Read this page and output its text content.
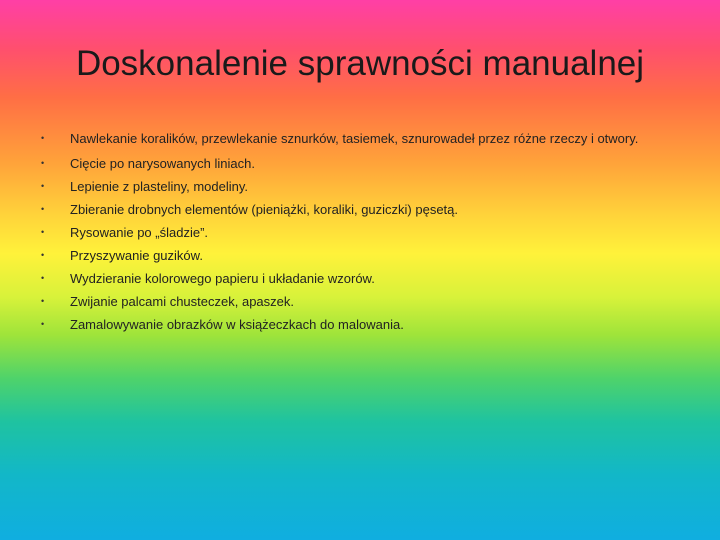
Doskonalenie sprawności manualnej
• Nawlekanie koralików, przewlekanie sznurków, tasiemek, sznurowadeł przez różne rzeczy i otwory.
• Cięcie po narysowanych liniach.
• Lepienie z plasteliny, modeliny.
• Zbieranie drobnych elementów (pieniążki, koraliki, guziczki) pęsetą.
• Rysowanie po „śladzie”.
• Przyszywanie guzików.
• Wydzieranie kolorowego papieru i układanie wzorów.
• Zwijanie palcami chusteczek, apaszek.
• Zamalowywanie obrazków w książeczkach do malowania.
